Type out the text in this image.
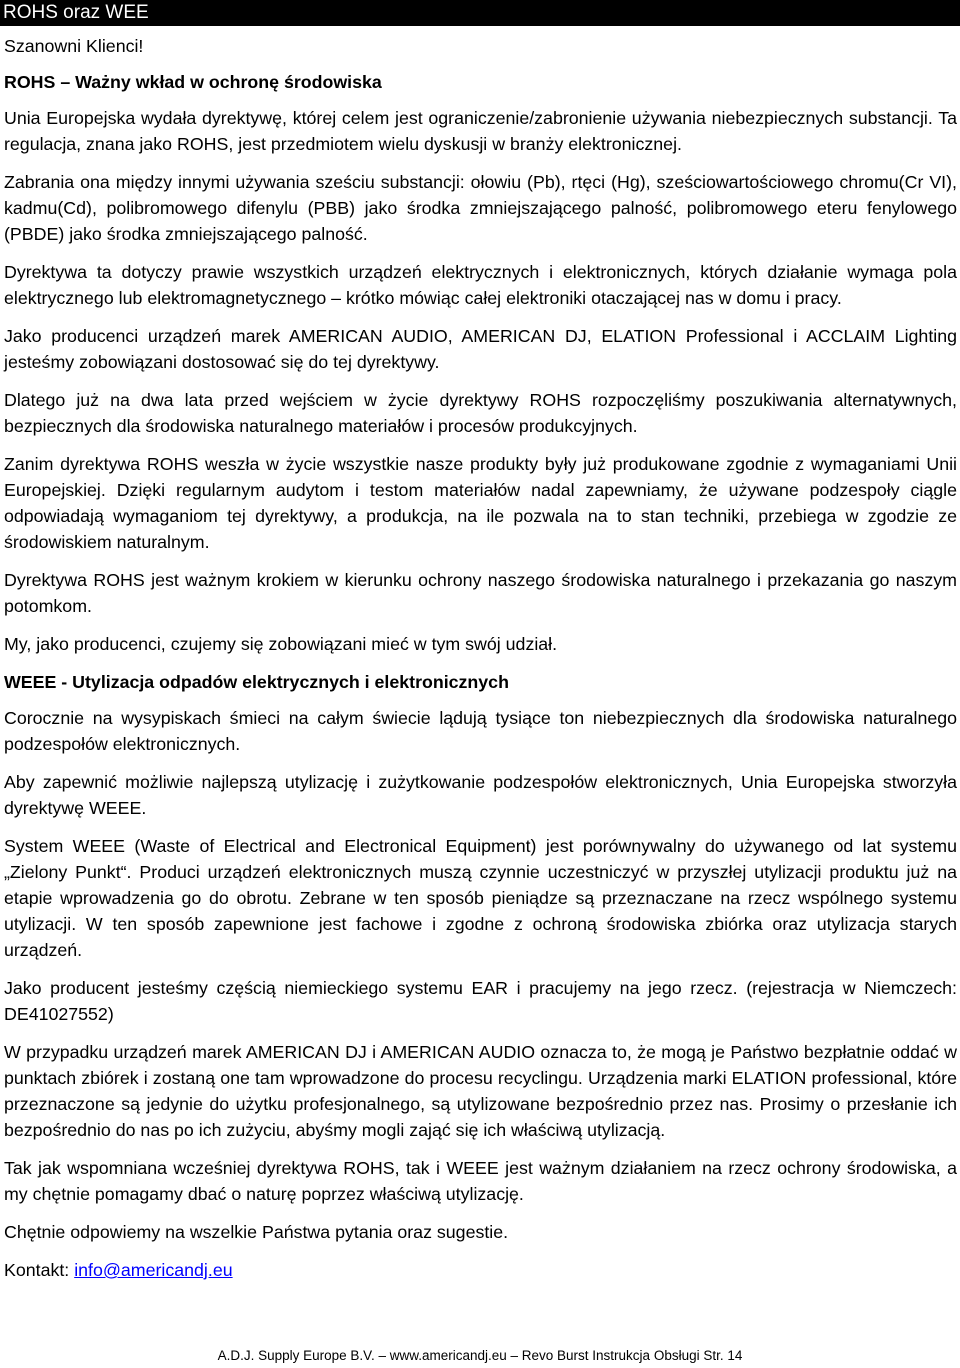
ROHS oraz WEE

Szanowni Klienci!

ROHS – Ważny wkład w ochronę środowiska

Unia Europejska wydała dyrektywę, której celem jest ograniczenie/zabronienie używania niebezpiecznych substancji. Ta regulacja, znana jako ROHS, jest przedmiotem wielu dyskusji w branży elektronicznej.

Zabrania ona między innymi używania sześciu substancji: ołowiu (Pb), rtęci (Hg), sześciowartościowego chromu(Cr VI), kadmu(Cd), polibromowego difenylu (PBB) jako środka zmniejszającego palność, polibromowego eteru fenylowego (PBDE) jako środka zmniejszającego palność.

Dyrektywa ta dotyczy prawie wszystkich urządzeń elektrycznych i elektronicznych, których działanie wymaga pola elektrycznego lub elektromagnetycznego – krótko mówiąc całej elektroniki otaczającej nas w domu i pracy.

Jako producenci urządzeń marek AMERICAN AUDIO, AMERICAN DJ, ELATION Professional i ACCLAIM Lighting jesteśmy zobowiązani dostosować się do tej dyrektywy.

Dlatego już na dwa lata przed wejściem w życie dyrektywy ROHS rozpoczęliśmy poszukiwania alternatywnych, bezpiecznych dla środowiska naturalnego materiałów i procesów produkcyjnych.

Zanim dyrektywa ROHS weszła w życie wszystkie nasze produkty były już produkowane zgodnie z wymaganiami Unii Europejskiej. Dzięki regularnym audytom i testom materiałów nadal zapewniamy, że używane podzespoły ciągle odpowiadają wymaganiom tej dyrektywy, a produkcja, na ile pozwala na to stan techniki, przebiega w zgodzie ze środowiskiem naturalnym.

Dyrektywa ROHS jest ważnym krokiem w kierunku ochrony naszego środowiska naturalnego i przekazania go naszym potomkom.

My, jako producenci, czujemy się zobowiązani mieć w tym swój udział.

WEEE - Utylizacja odpadów elektrycznych i elektronicznych

Corocznie na wysypiskach śmieci na całym świecie lądują tysiące ton niebezpiecznych dla środowiska naturalnego podzespołów elektronicznych.

Aby zapewnić możliwie najlepszą utylizację i zużytkowanie podzespołów elektronicznych, Unia Europejska stworzyła dyrektywę WEEE.

System WEEE (Waste of Electrical and Electronical Equipment) jest porównywalny do używanego od lat systemu „Zielony Punkt“. Produci urządzeń elektronicznych muszą czynnie uczestniczyć w przyszłej utylizacji produktu już na etapie wprowadzenia go do obrotu. Zebrane w ten sposób pieniądze są przeznaczane na rzecz wspólnego systemu utylizacji. W ten sposób zapewnione jest fachowe i zgodne z ochroną środowiska zbiórka oraz utylizacja starych urządzeń.

Jako producent jesteśmy częścią niemieckiego systemu EAR i pracujemy na jego rzecz. (rejestracja w Niemczech: DE41027552)

W przypadku urządzeń marek AMERICAN DJ i AMERICAN AUDIO oznacza to, że mogą je Państwo bezpłatnie oddać w punktach zbiórek i zostaną one tam wprowadzone do procesu recyclingu. Urządzenia marki ELATION professional, które przeznaczone są jedynie do użytku profesjonalnego, są utylizowane bezpośrednio przez nas. Prosimy o przesłanie ich bezpośrednio do nas po ich zużyciu, abyśmy mogli zająć się ich właściwą utylizacją.

Tak jak wspomniana wcześniej dyrektywa ROHS, tak i WEEE jest ważnym działaniem na rzecz ochrony środowiska, a my chętnie pomagamy dbać o naturę poprzez właściwą utylizację.

Chętnie odpowiemy na wszelkie Państwa pytania oraz sugestie.

Kontakt: info@americandj.eu

A.D.J. Supply Europe B.V. – www.americandj.eu – Revo Burst Instrukcja Obsługi Str. 14
